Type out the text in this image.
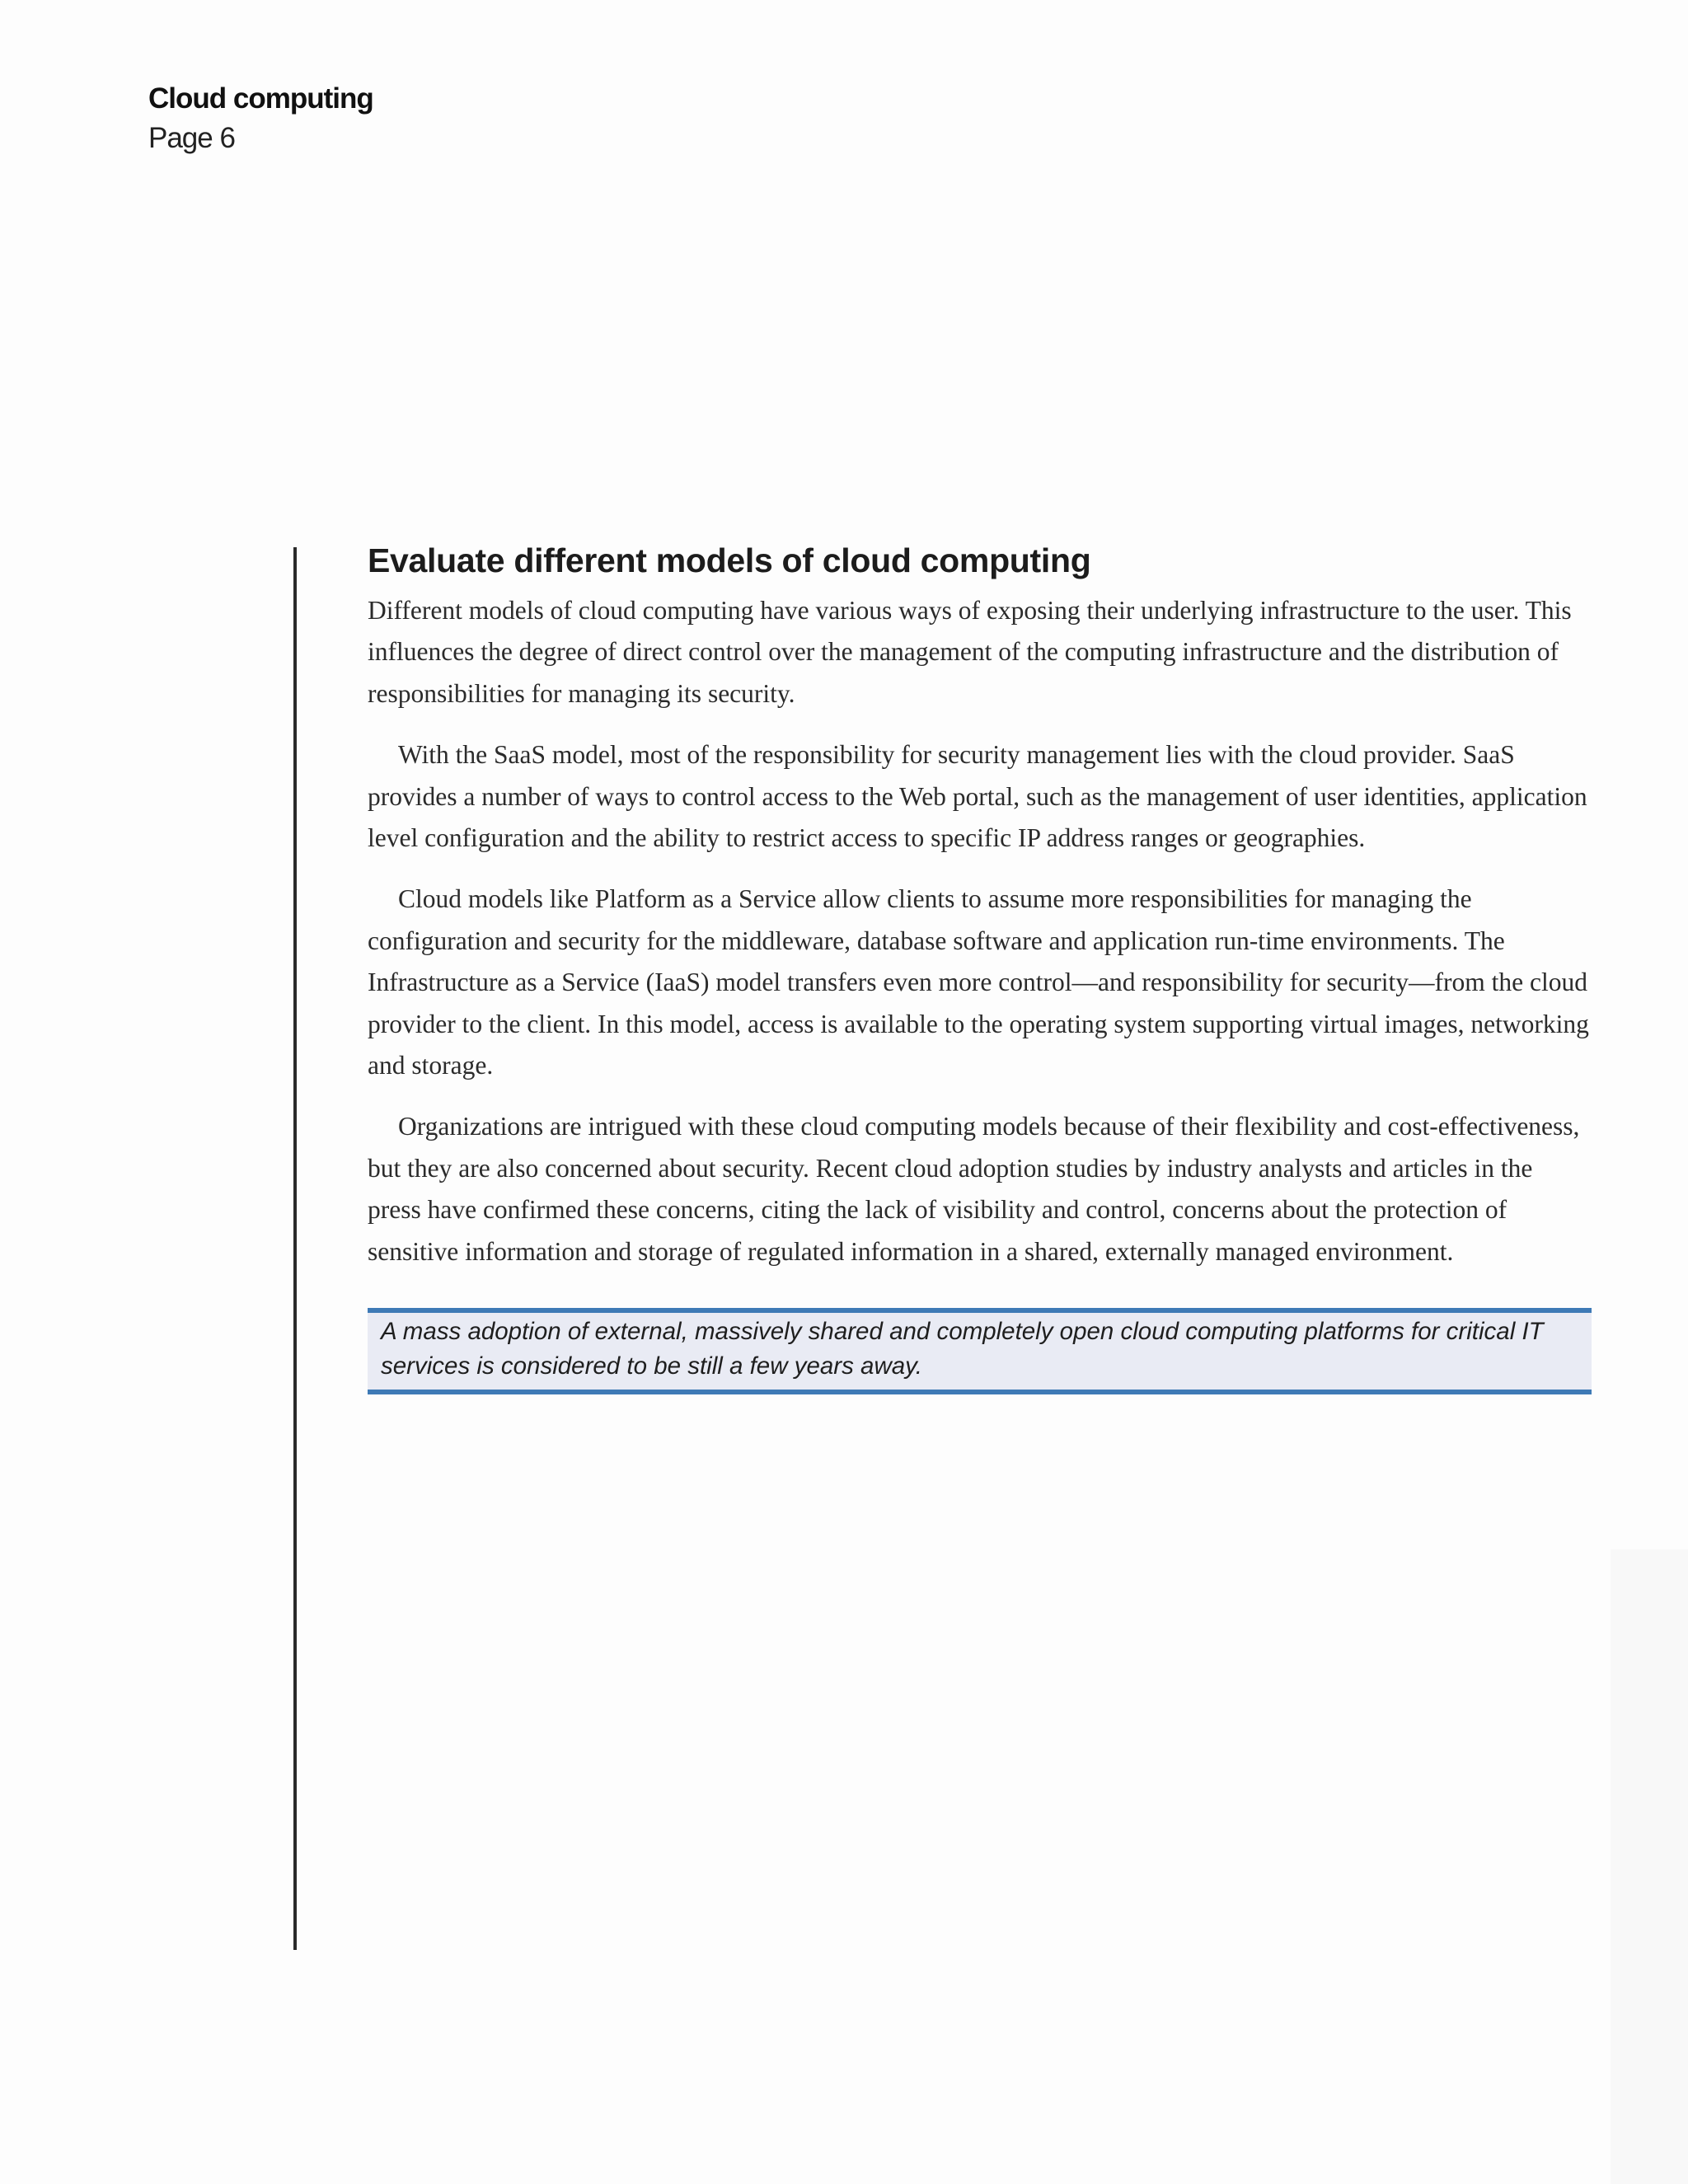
Cloud computing
Page 6
Evaluate different models of cloud computing

Different models of cloud computing have various ways of exposing their underlying infrastructure to the user. This influences the degree of direct control over the management of the computing infrastructure and the distribution of responsibilities for managing its security.

With the SaaS model, most of the responsibility for security management lies with the cloud provider. SaaS provides a number of ways to control access to the Web portal, such as the management of user identities, application level configuration and the ability to restrict access to specific IP address ranges or geographies.

Cloud models like Platform as a Service allow clients to assume more responsibilities for managing the configuration and security for the middleware, database software and application run-time environments. The Infrastructure as a Service (IaaS) model transfers even more control—and responsibility for security—from the cloud provider to the client. In this model, access is available to the operating system supporting virtual images, networking and storage.

Organizations are intrigued with these cloud computing models because of their flexibility and cost-effectiveness, but they are also concerned about security. Recent cloud adoption studies by industry analysts and articles in the press have confirmed these concerns, citing the lack of visibility and control, concerns about the protection of sensitive information and storage of regulated information in a shared, externally managed environment.

A mass adoption of external, massively shared and completely open cloud computing platforms for critical IT services is considered to be still a few years away.
